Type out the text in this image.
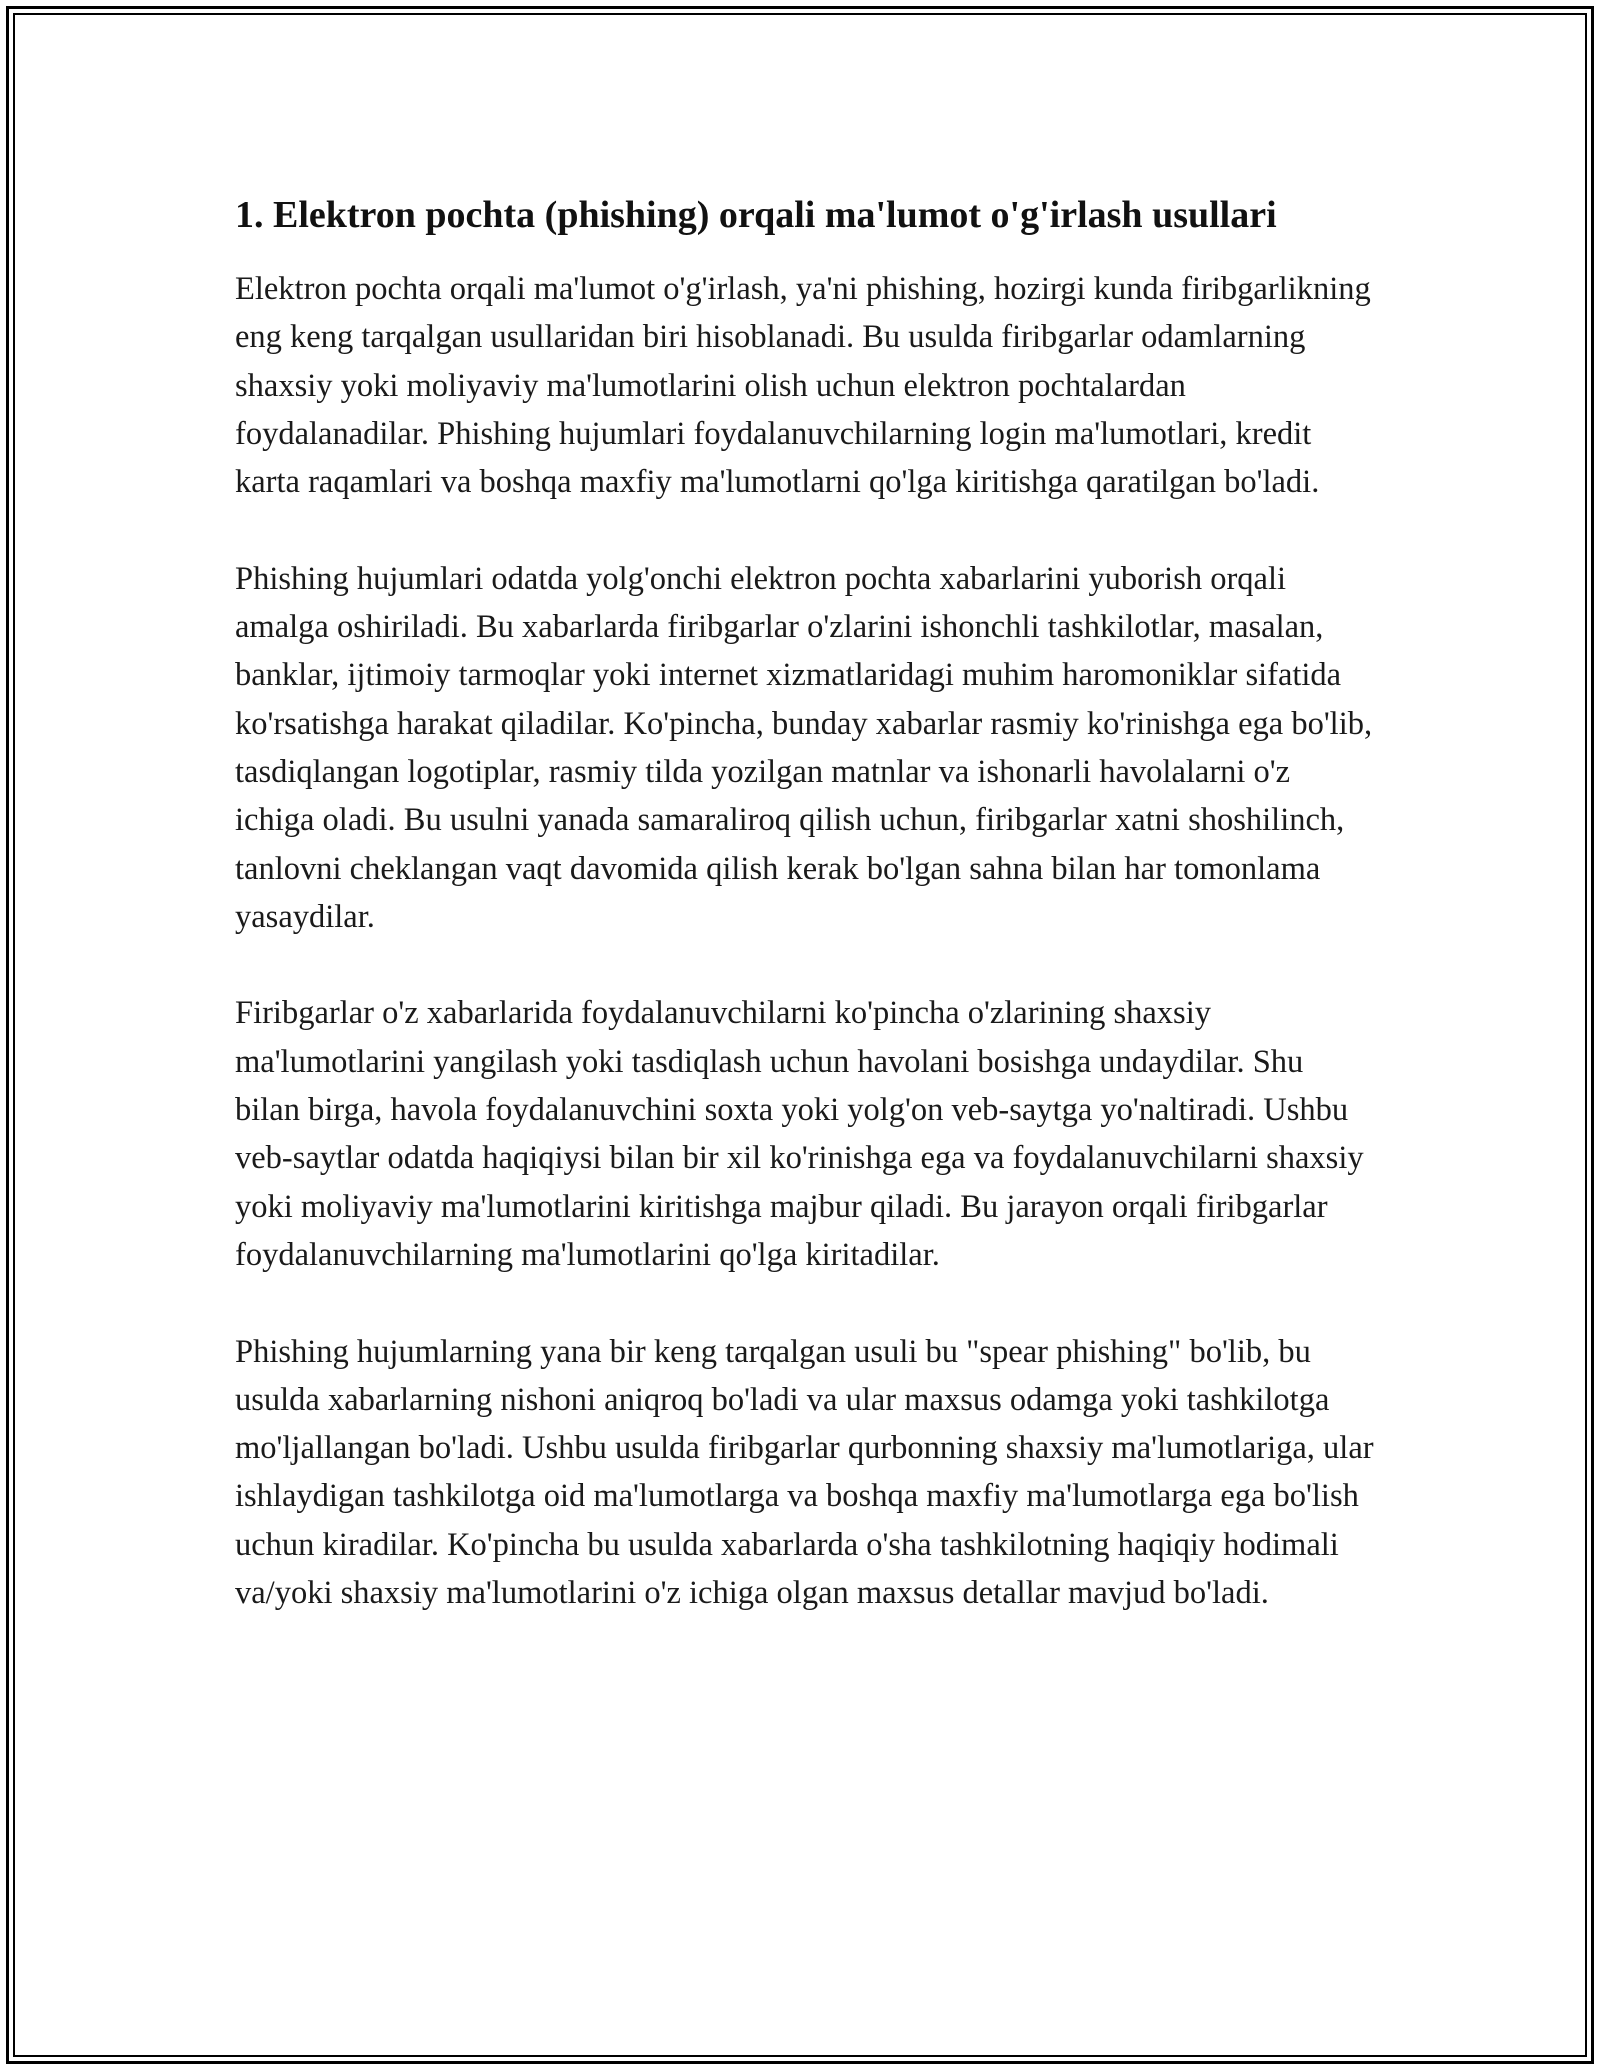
1. Elektron pochta (phishing) orqali ma'lumot o'g'irlash usullari

Elektron pochta orqali ma'lumot o'g'irlash, ya'ni phishing, hozirgi kunda firibgarlikning eng keng tarqalgan usullaridan biri hisoblanadi. Bu usulda firibgarlar odamlarning shaxsiy yoki moliyaviy ma'lumotlarini olish uchun elektron pochtalardan foydalanadilar. Phishing hujumlari foydalanuvchilarning login ma'lumotlari, kredit karta raqamlari va boshqa maxfiy ma'lumotlarni qo'lga kiritishga qaratilgan bo'ladi.

Phishing hujumlari odatda yolg'onchi elektron pochta xabarlarini yuborish orqali amalga oshiriladi. Bu xabarlarda firibgarlar o'zlarini ishonchli tashkilotlar, masalan, banklar, ijtimoiy tarmoqlar yoki internet xizmatlaridagi muhim haromoniklar sifatida ko'rsatishga harakat qiladilar. Ko'pincha, bunday xabarlar rasmiy ko'rinishga ega bo'lib, tasdiqlangan logotiplar, rasmiy tilda yozilgan matnlar va ishonarli havolalarni o'z ichiga oladi. Bu usulni yanada samaraliroq qilish uchun, firibgarlar xatni shoshilinch, tanlovni cheklangan vaqt davomida qilish kerak bo'lgan sahna bilan har tomonlama yasaydilar.

Firibgarlar o'z xabarlarida foydalanuvchilarni ko'pincha o'zlarining shaxsiy ma'lumotlarini yangilash yoki tasdiqlash uchun havolani bosishga undaydilar. Shu bilan birga, havola foydalanuvchini soxta yoki yolg'on veb-saytga yo'naltiradi. Ushbu veb-saytlar odatda haqiqiysi bilan bir xil ko'rinishga ega va foydalanuvchilarni shaxsiy yoki moliyaviy ma'lumotlarini kiritishga majbur qiladi. Bu jarayon orqali firibgarlar foydalanuvchilarning ma'lumotlarini qo'lga kiritadilar.

Phishing hujumlarning yana bir keng tarqalgan usuli bu "spear phishing" bo'lib, bu usulda xabarlarning nishoni aniqroq bo'ladi va ular maxsus odamga yoki tashkilotga mo'ljallangan bo'ladi. Ushbu usulda firibgarlar qurbonning shaxsiy ma'lumotlariga, ular ishlaydigan tashkilotga oid ma'lumotlarga va boshqa maxfiy ma'lumotlarga ega bo'lish uchun kiradilar. Ko'pincha bu usulda xabarlarda o'sha tashkilotning haqiqiy hodimali va/yoki shaxsiy ma'lumotlarini o'z ichiga olgan maxsus detallar mavjud bo'ladi.
